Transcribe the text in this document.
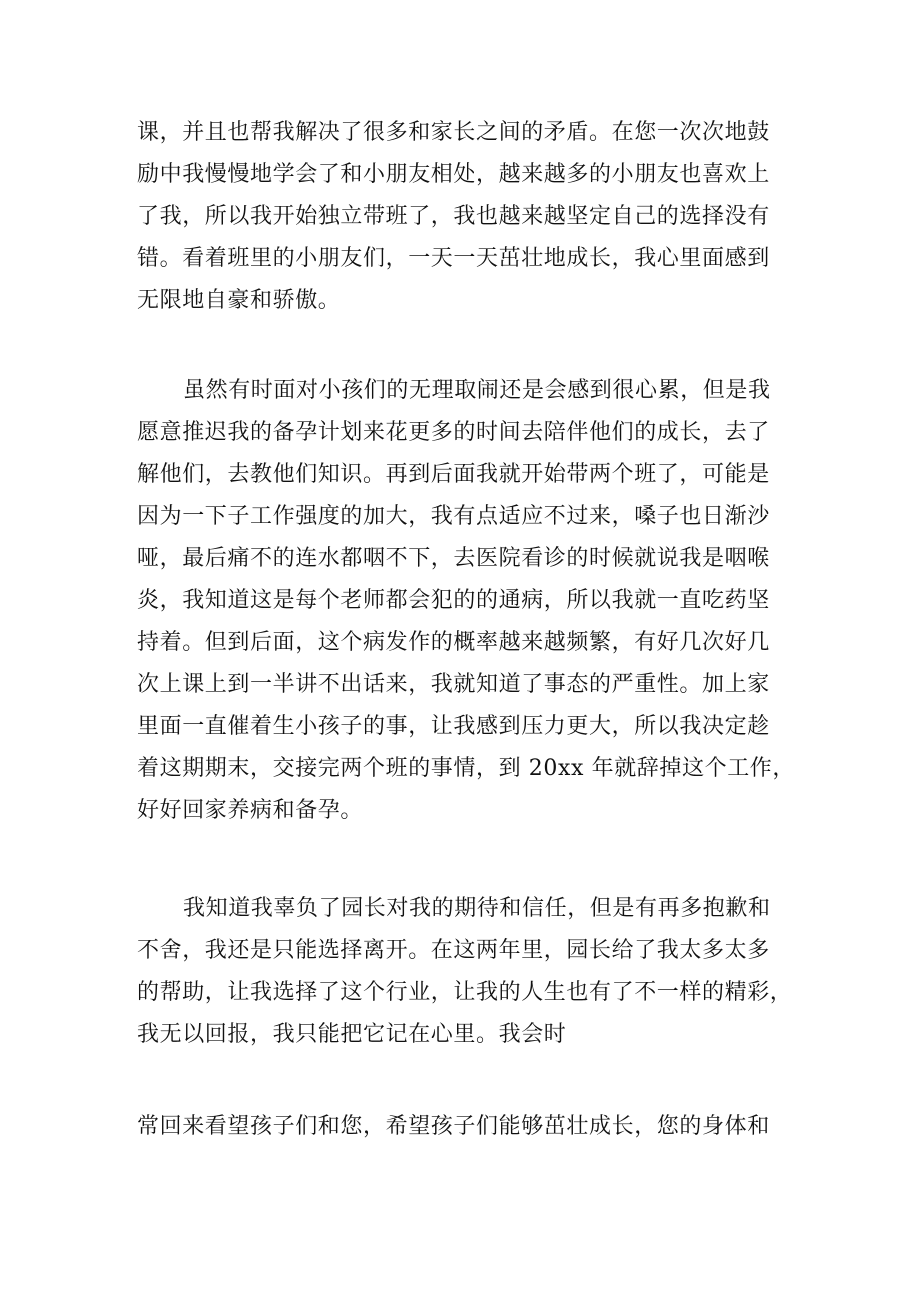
课，并且也帮我解决了很多和家长之间的矛盾。在您一次次地鼓
励中我慢慢地学会了和小朋友相处，越来越多的小朋友也喜欢上
了我，所以我开始独立带班了，我也越来越坚定自己的选择没有
错。看着班里的小朋友们，一天一天茁壮地成长，我心里面感到
无限地自豪和骄傲。
虽然有时面对小孩们的无理取闹还是会感到很心累，但是我
愿意推迟我的备孕计划来花更多的时间去陪伴他们的成长，去了
解他们，去教他们知识。再到后面我就开始带两个班了，可能是
因为一下子工作强度的加大，我有点适应不过来，嗓子也日渐沙
哑，最后痛不的连水都咽不下，去医院看诊的时候就说我是咽喉
炎，我知道这是每个老师都会犯的的通病，所以我就一直吃药坚
持着。但到后面，这个病发作的概率越来越频繁，有好几次好几
次上课上到一半讲不出话来，我就知道了事态的严重性。加上家
里面一直催着生小孩子的事，让我感到压力更大，所以我决定趁
着这期期末，交接完两个班的事情，到 20xx 年就辞掉这个工作，
好好回家养病和备孕。
我知道我辜负了园长对我的期待和信任，但是有再多抱歉和
不舍，我还是只能选择离开。在这两年里，园长给了我太多太多
的帮助，让我选择了这个行业，让我的人生也有了不一样的精彩，
我无以回报，我只能把它记在心里。我会时
常回来看望孩子们和您，希望孩子们能够茁壮成长，您的身体和
